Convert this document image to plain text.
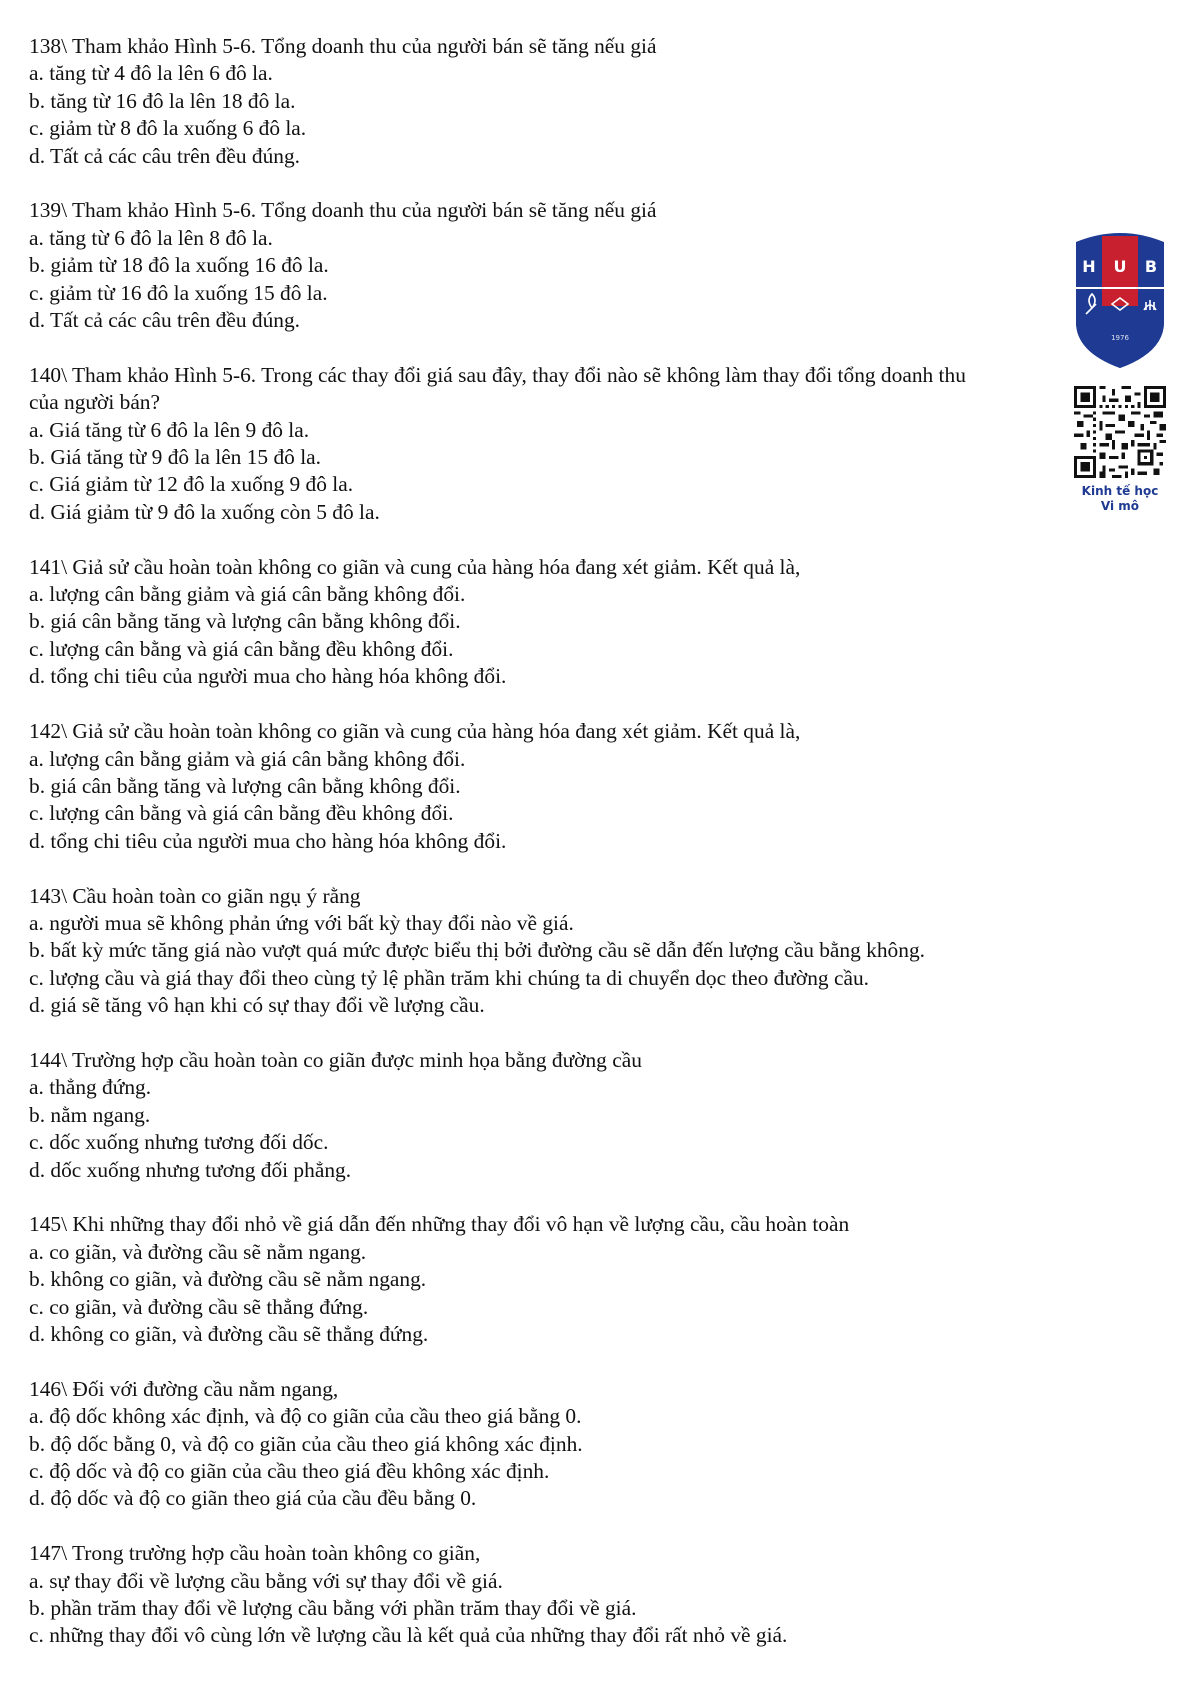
138\ Tham khảo Hình 5-6. Tổng doanh thu của người bán sẽ tăng nếu giá

a. tăng từ 4 đô la lên 6 đô la.

b. tăng từ 16 đô la lên 18 đô la.

c. giảm từ 8 đô la xuống 6 đô la.

d. Tất cả các câu trên đều đúng.

139\ Tham khảo Hình 5-6. Tổng doanh thu của người bán sẽ tăng nếu giá

a. tăng từ 6 đô la lên 8 đô la.

b. giảm từ 18 đô la xuống 16 đô la.

c. giảm từ 16 đô la xuống 15 đô la.

d. Tất cả các câu trên đều đúng.

140\ Tham khảo Hình 5-6. Trong các thay đổi giá sau đây, thay đổi nào sẽ không làm thay đổi tổng doanh thu của người bán?

a. Giá tăng từ 6 đô la lên 9 đô la.

b. Giá tăng từ 9 đô la lên 15 đô la.

c. Giá giảm từ 12 đô la xuống 9 đô la.

d. Giá giảm từ 9 đô la xuống còn 5 đô la.

141\ Giả sử cầu hoàn toàn không co giãn và cung của hàng hóa đang xét giảm. Kết quả là,

a. lượng cân bằng giảm và giá cân bằng không đổi.

b. giá cân bằng tăng và lượng cân bằng không đổi.

c. lượng cân bằng và giá cân bằng đều không đổi.

d. tổng chi tiêu của người mua cho hàng hóa không đổi.

142\ Giả sử cầu hoàn toàn không co giãn và cung của hàng hóa đang xét giảm. Kết quả là,

a. lượng cân bằng giảm và giá cân bằng không đổi.

b. giá cân bằng tăng và lượng cân bằng không đổi.

c. lượng cân bằng và giá cân bằng đều không đổi.

d. tổng chi tiêu của người mua cho hàng hóa không đổi.

143\ Cầu hoàn toàn co giãn ngụ ý rằng

a. người mua sẽ không phản ứng với bất kỳ thay đổi nào về giá.

b. bất kỳ mức tăng giá nào vượt quá mức được biểu thị bởi đường cầu sẽ dẫn đến lượng cầu bằng không.

c. lượng cầu và giá thay đổi theo cùng tỷ lệ phần trăm khi chúng ta di chuyển dọc theo đường cầu.

d. giá sẽ tăng vô hạn khi có sự thay đổi về lượng cầu.

144\ Trường hợp cầu hoàn toàn co giãn được minh họa bằng đường cầu

a. thẳng đứng.

b. nằm ngang.

c. dốc xuống nhưng tương đối dốc.

d. dốc xuống nhưng tương đối phẳng.

145\ Khi những thay đổi nhỏ về giá dẫn đến những thay đổi vô hạn về lượng cầu, cầu hoàn toàn

a. co giãn, và đường cầu sẽ nằm ngang.

b. không co giãn, và đường cầu sẽ nằm ngang.

c. co giãn, và đường cầu sẽ thẳng đứng.

d. không co giãn, và đường cầu sẽ thẳng đứng.

146\ Đối với đường cầu nằm ngang,

a. độ dốc không xác định, và độ co giãn của cầu theo giá bằng 0.

b. độ dốc bằng 0, và độ co giãn của cầu theo giá không xác định.

c. độ dốc và độ co giãn của cầu theo giá đều không xác định.

d. độ dốc và độ co giãn theo giá của cầu đều bằng 0.

147\ Trong trường hợp cầu hoàn toàn không co giãn,

a. sự thay đổi về lượng cầu bằng với sự thay đổi về giá.

b. phần trăm thay đổi về lượng cầu bằng với phần trăm thay đổi về giá.

c. những thay đổi vô cùng lớn về lượng cầu là kết quả của những thay đổi rất nhỏ về giá.

H U B
1976
Kinh tế học
Vi mô
